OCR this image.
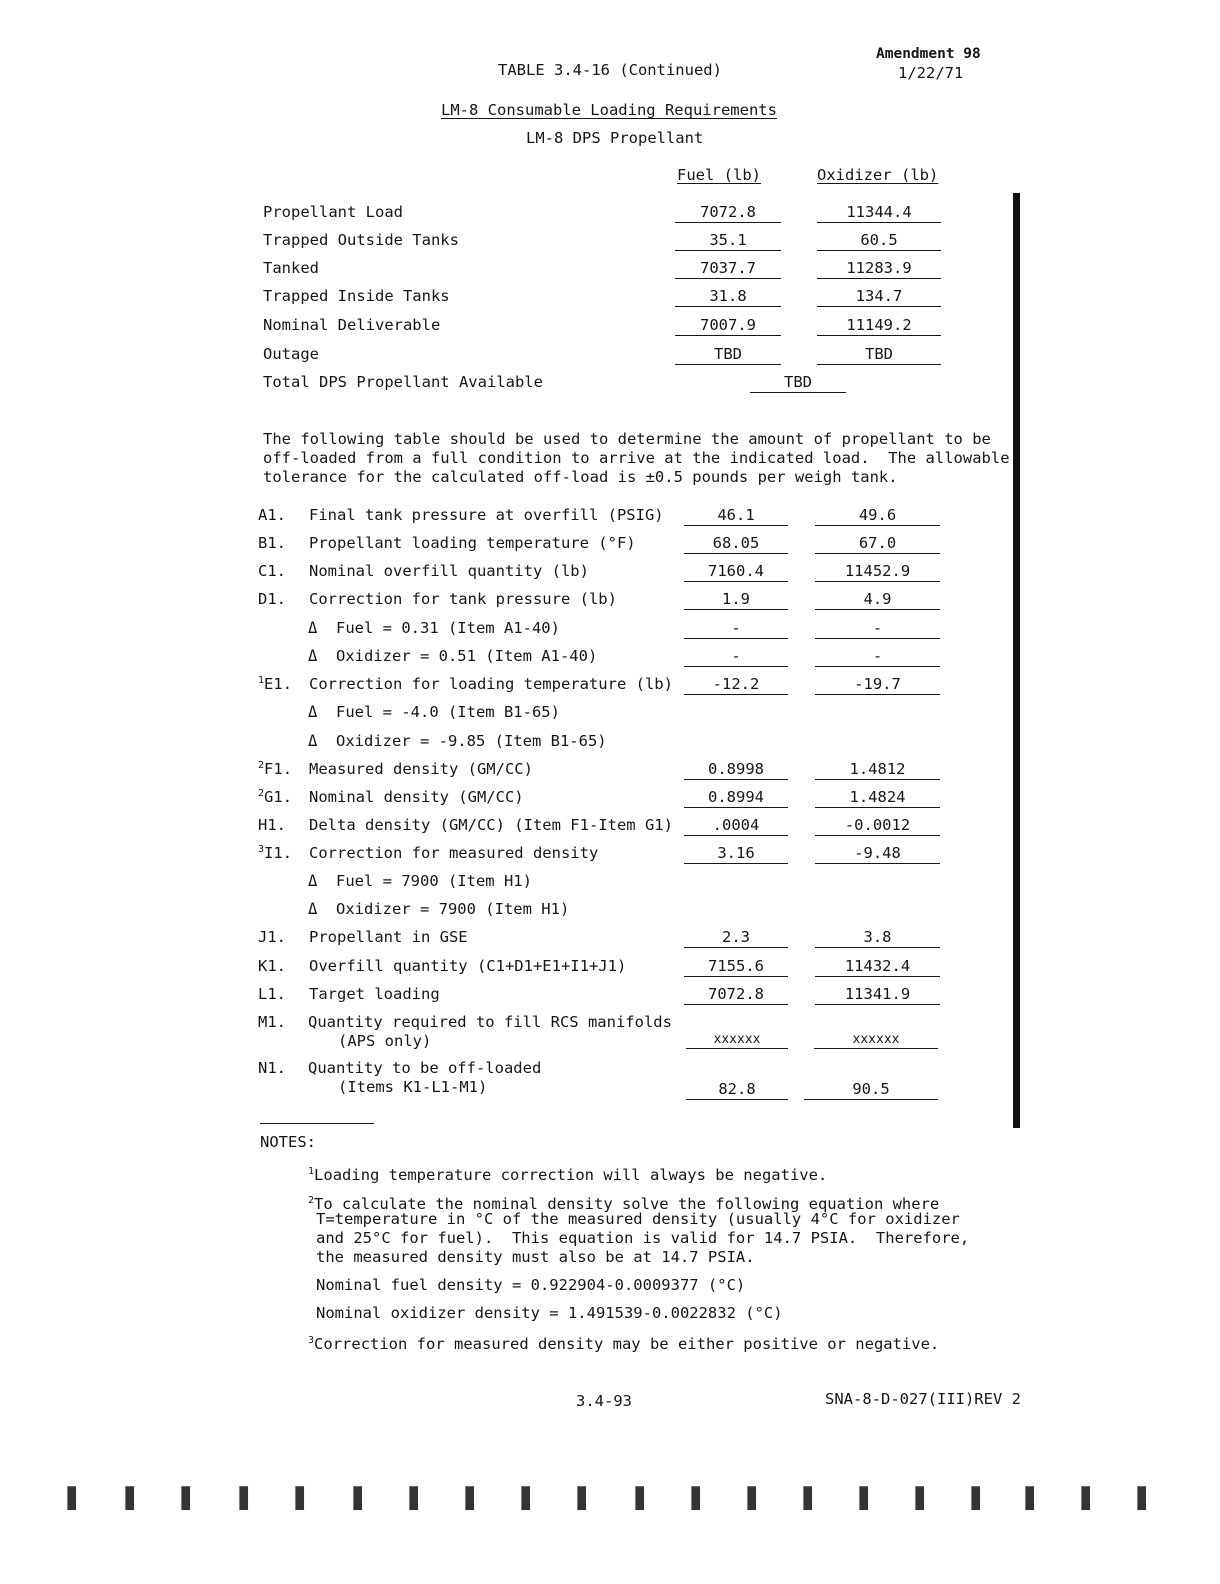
TABLE 3.4-16 (Continued)
Amendment 98
1/22/71
LM-8 Consumable Loading Requirements
LM-8 DPS Propellant
Fuel (lb)	Oxidizer (lb)
Propellant Load	7072.8	11344.4
Trapped Outside Tanks	35.1	60.5
Tanked	7037.7	11283.9
Trapped Inside Tanks	31.8	134.7
Nominal Deliverable	7007.9	11149.2
Outage	TBD	TBD
Total DPS Propellant Available	TBD
The following table should be used to determine the amount of propellant to be
off-loaded from a full condition to arrive at the indicated load.  The allowable
tolerance for the calculated off-load is ±0.5 pounds per weigh tank.
A1. Final tank pressure at overfill (PSIG)	46.1	49.6
B1. Propellant loading temperature (°F)	68.05	67.0
C1. Nominal overfill quantity (lb)	7160.4	11452.9
D1. Correction for tank pressure (lb)	1.9	4.9
Δ  Fuel = 0.31 (Item A1-40)	-	-
Δ  Oxidizer = 0.51 (Item A1-40)	-	-
$^1$E1. Correction for loading temperature (lb)	-12.2	-19.7
Δ  Fuel = -4.0 (Item B1-65)
Δ  Oxidizer = -9.85 (Item B1-65)
$^2$F1. Measured density (GM/CC)	0.8998	1.4812
$^2$G1. Nominal density (GM/CC)	0.8994	1.4824
H1. Delta density (GM/CC) (Item F1-Item G1)	.0004	-0.0012
$^3$I1. Correction for measured density	3.16	-9.48
Δ  Fuel = 7900 (Item H1)
Δ  Oxidizer = 7900 (Item H1)
J1. Propellant in GSE	2.3	3.8
K1. Overfill quantity (C1+D1+E1+I1+J1)	7155.6	11432.4
L1. Target loading	7072.8	11341.9
M1. Quantity required to fill RCS manifolds
(APS only)	xxxxxx	xxxxxx
N1. Quantity to be off-loaded
(Items K1-L1-M1)	82.8	90.5
NOTES:
$^1$Loading temperature correction will always be negative.
$^2$To calculate the nominal density solve the following equation where
T=temperature in °C of the measured density (usually 4°C for oxidizer
and 25°C for fuel).  This equation is valid for 14.7 PSIA.  Therefore,
the measured density must also be at 14.7 PSIA.
Nominal fuel density = 0.922904-0.0009377 (°C)
Nominal oxidizer density = 1.491539-0.0022832 (°C)
$^3$Correction for measured density may be either positive or negative.
3.4-93	SNA-8-D-027(III)REV 2
█ █ █ █ █ █ █ █ █ █ █ █ █ █ █ █ █ █ █ █
